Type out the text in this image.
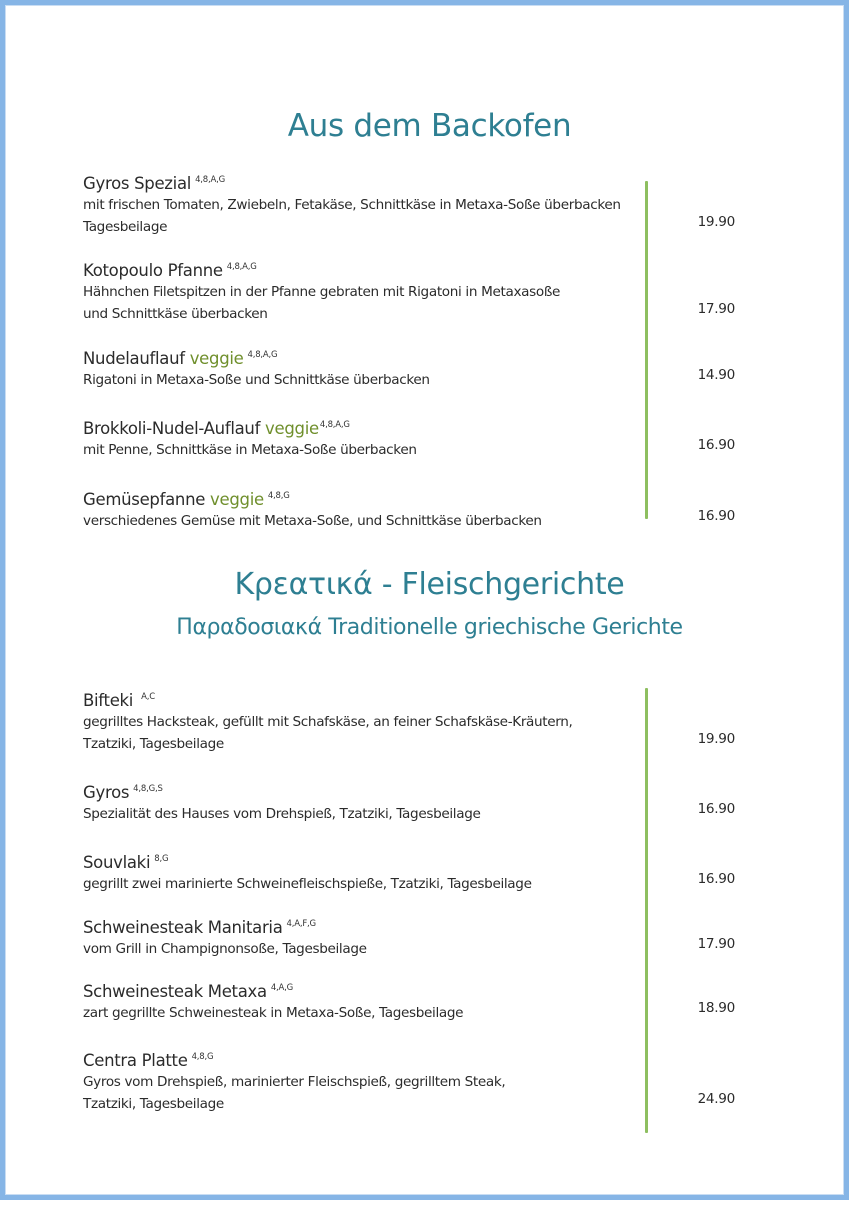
Aus dem Backofen
Κρεατικά - Fleischgerichte
Παραδοσιακά Traditionelle griechische Gerichte
Gyros Spezial $^{4,8,A,G}$
mit frischen Tomaten, Zwiebeln, Fetakäse, Schnittkäse in Metaxa-Soße überbacken
Tagesbeilage	19.90
Kotopoulo Pfanne $^{4,8,A,G}$
Hähnchen Filetspitzen in der Pfanne gebraten mit Rigatoni in Metaxasoße
und Schnittkäse überbacken	17.90
Nudelauflauf veggie $^{4,8,A,G}$
Rigatoni in Metaxa-Soße und Schnittkäse überbacken	14.90
Brokkoli-Nudel-Auflauf veggie$^{4,8,A,G}$
mit Penne, Schnittkäse in Metaxa-Soße überbacken	16.90
Gemüsepfanne veggie $^{4,8,G}$
verschiedenes Gemüse mit Metaxa-Soße, und Schnittkäse überbacken	16.90
Bifteki $^{A,C}$
gegrilltes Hacksteak, gefüllt mit Schafskäse, an feiner Schafskäse-Kräutern,
Tzatziki, Tagesbeilage	19.90
Gyros $^{4,8,G,S}$
Spezialität des Hauses vom Drehspieß, Tzatziki, Tagesbeilage	16.90
Souvlaki $^{8,G}$
gegrillt zwei marinierte Schweinefleischspieße, Tzatziki, Tagesbeilage	16.90
Schweinesteak Manitaria $^{4,A,F,G}$
vom Grill in Champignonsoße, Tagesbeilage	17.90
Schweinesteak Metaxa $^{4,A,G}$
zart gegrillte Schweinesteak in Metaxa-Soße, Tagesbeilage	18.90
Centra Platte $^{4,8,G}$
Gyros vom Drehspieß, marinierter Fleischspieß, gegrilltem Steak,
Tzatziki, Tagesbeilage	24.90
